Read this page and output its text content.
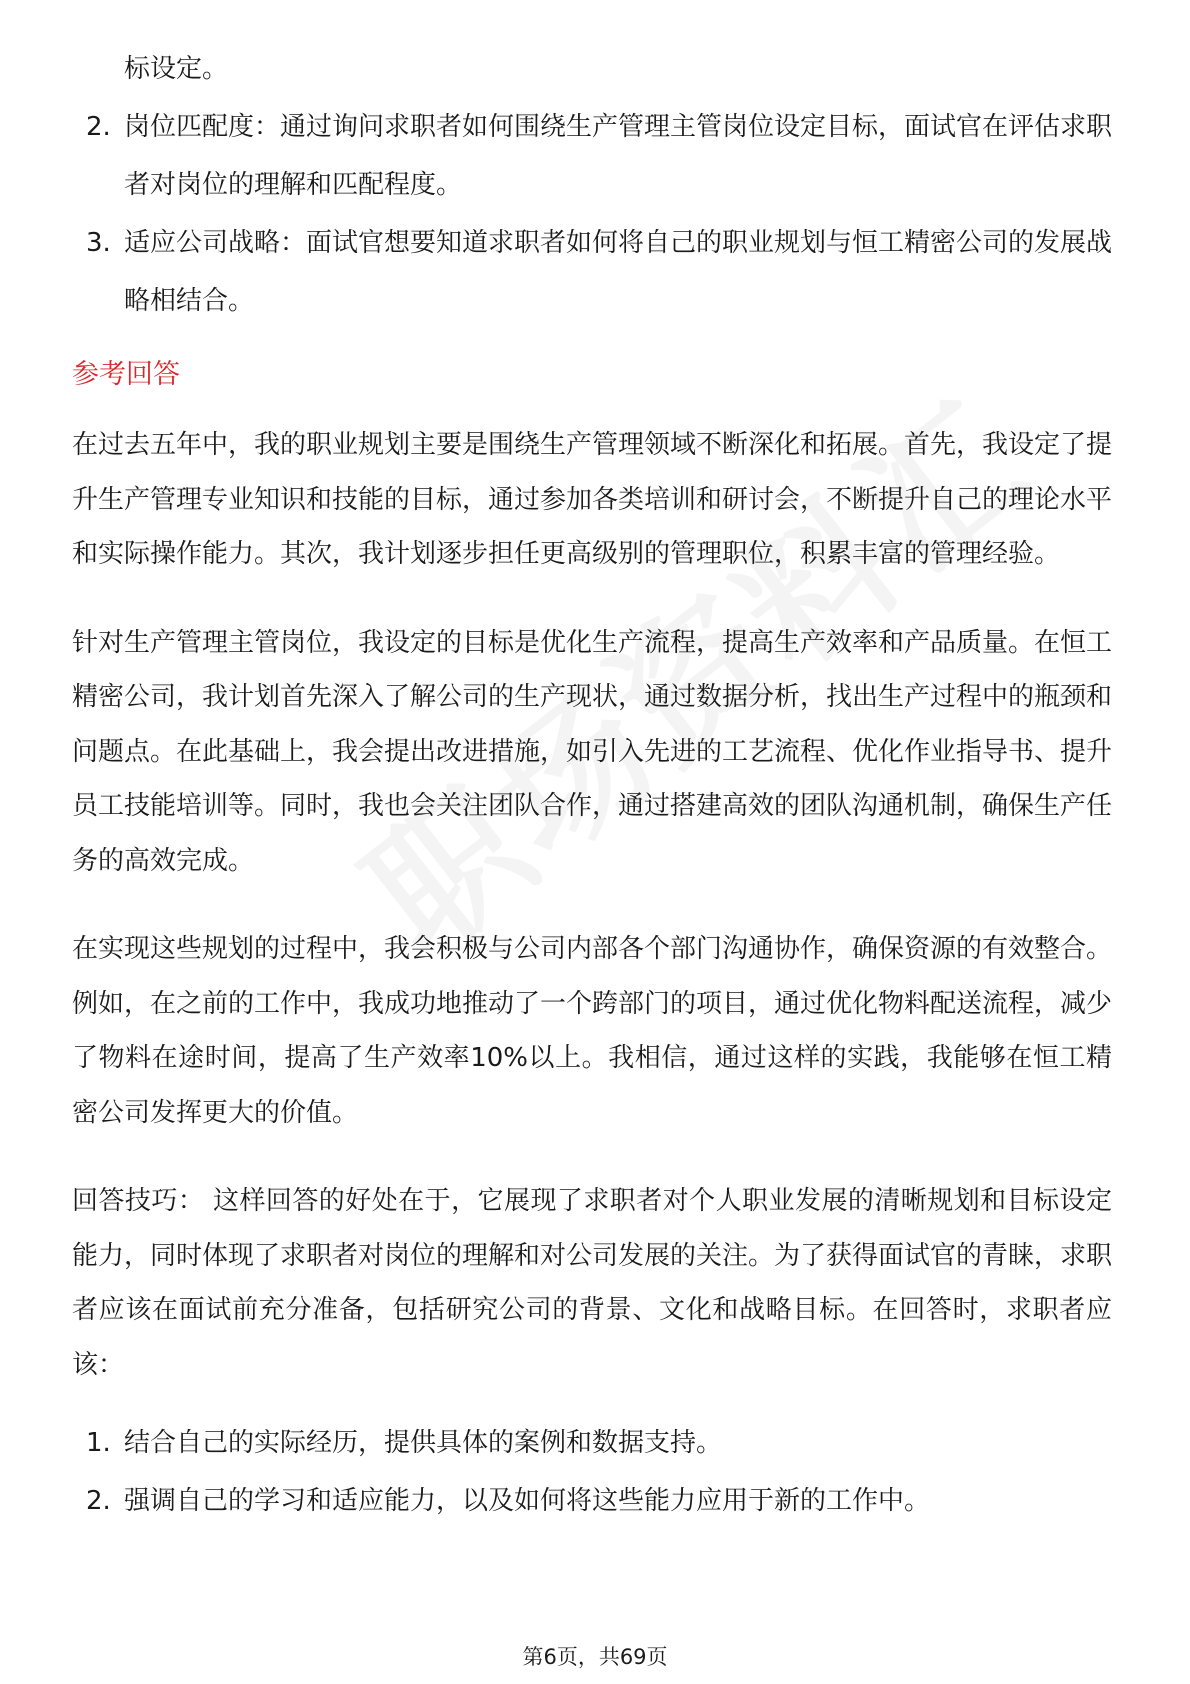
标设定。

2. 岗位匹配度：通过询问求职者如何围绕生产管理主管岗位设定目标，面试官在评估求职者对岗位的理解和匹配程度。
3. 适应公司战略：面试官想要知道求职者如何将自己的职业规划与恒工精密公司的发展战略相结合。
参考回答

在过去五年中，我的职业规划主要是围绕生产管理领域不断深化和拓展。首先，我设定了提升生产管理专业知识和技能的目标，通过参加各类培训和研讨会，不断提升自己的理论水平和实际操作能力。其次，我计划逐步担任更高级别的管理职位，积累丰富的管理经验。

针对生产管理主管岗位，我设定的目标是优化生产流程，提高生产效率和产品质量。在恒工精密公司，我计划首先深入了解公司的生产现状，通过数据分析，找出生产过程中的瓶颈和问题点。在此基础上，我会提出改进措施，如引入先进的工艺流程、优化作业指导书、提升员工技能培训等。同时，我也会关注团队合作，通过搭建高效的团队沟通机制，确保生产任务的高效完成。

在实现这些规划的过程中，我会积极与公司内部各个部门沟通协作，确保资源的有效整合。例如，在之前的工作中，我成功地推动了一个跨部门的项目，通过优化物料配送流程，减少了物料在途时间，提高了生产效率10%以上。我相信，通过这样的实践，我能够在恒工精密公司发挥更大的价值。

回答技巧： 这样回答的好处在于，它展现了求职者对个人职业发展的清晰规划和目标设定能力，同时体现了求职者对岗位的理解和对公司发展的关注。为了获得面试官的青睐，求职者应该在面试前充分准备，包括研究公司的背景、文化和战略目标。在回答时，求职者应该：

1. 结合自己的实际经历，提供具体的案例和数据支持。
2. 强调自己的学习和适应能力，以及如何将这些能力应用于新的工作中。
第6页，共69页
